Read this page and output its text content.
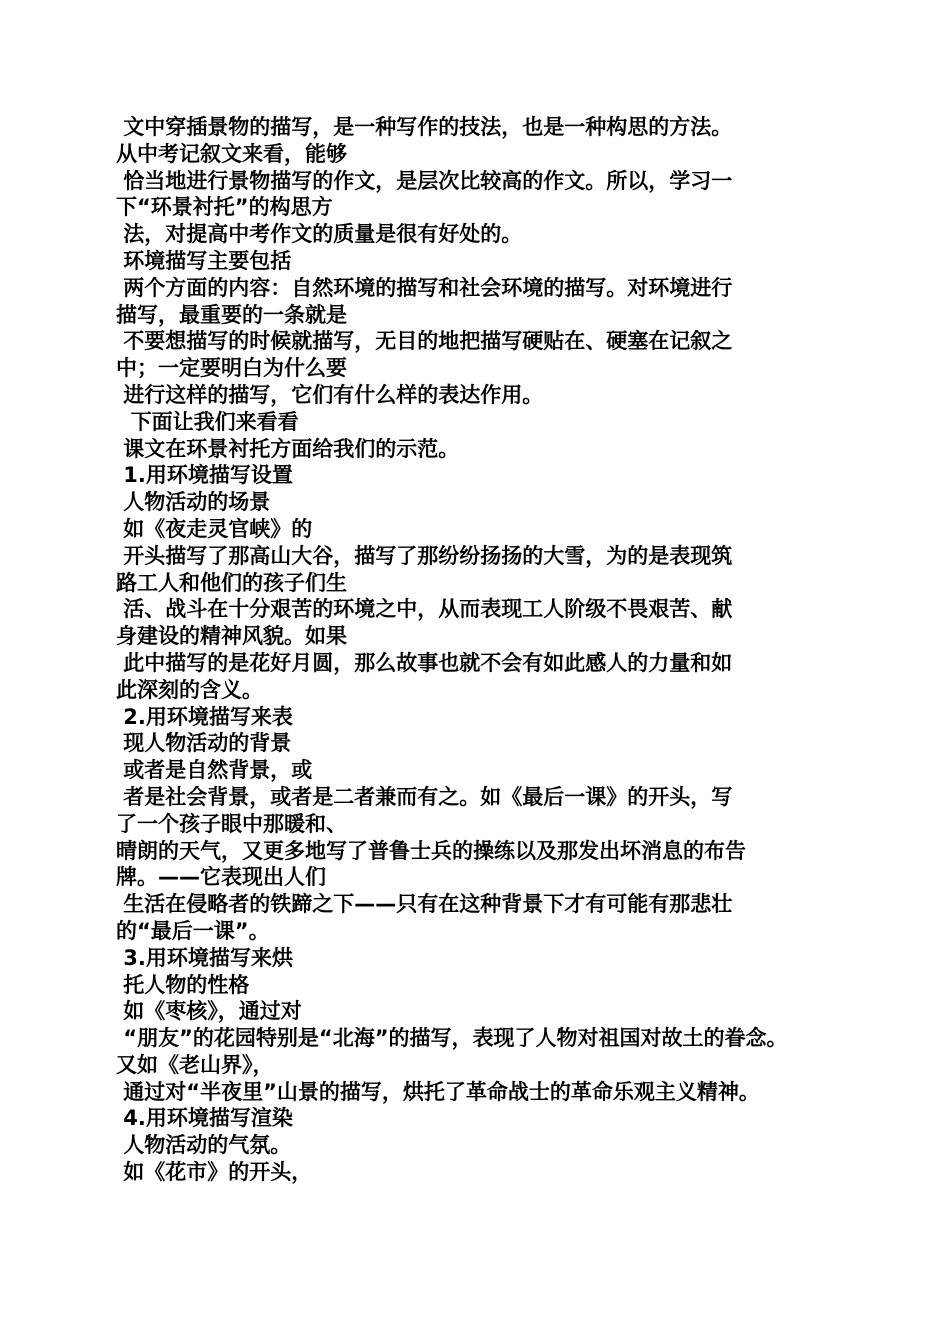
文中穿插景物的描写，是一种写作的技法，也是一种构思的方法。
从中考记叙文来看，能够
恰当地进行景物描写的作文，是层次比较高的作文。所以，学习一
下“环景衬托”的构思方
法，对提高中考作文的质量是很有好处的。
环境描写主要包括
两个方面的内容：自然环境的描写和社会环境的描写。对环境进行
描写，最重要的一条就是
不要想描写的时候就描写，无目的地把描写硬贴在、硬塞在记叙之
中；一定要明白为什么要
进行这样的描写，它们有什么样的表达作用。
下面让我们来看看
课文在环景衬托方面给我们的示范。
1.用环境描写设置
人物活动的场景
如《夜走灵官峡》的
开头描写了那高山大谷，描写了那纷纷扬扬的大雪，为的是表现筑
路工人和他们的孩子们生
活、战斗在十分艰苦的环境之中，从而表现工人阶级不畏艰苦、献
身建设的精神风貌。如果
此中描写的是花好月圆，那么故事也就不会有如此感人的力量和如
此深刻的含义。
2.用环境描写来表
现人物活动的背景
或者是自然背景，或
者是社会背景，或者是二者兼而有之。如《最后一课》的开头，写
了一个孩子眼中那暖和、
晴朗的天气，又更多地写了普鲁士兵的操练以及那发出坏消息的布告
牌。——它表现出人们
生活在侵略者的铁蹄之下——只有在这种背景下才有可能有那悲壮
的“最后一课”。
3.用环境描写来烘
托人物的性格
如《枣核》，通过对
“朋友”的花园特别是“北海”的描写，表现了人物对祖国对故土的眷念。
又如《老山界》，
通过对“半夜里”山景的描写，烘托了革命战士的革命乐观主义精神。
4.用环境描写渲染
人物活动的气氛。
如《花市》的开头，
